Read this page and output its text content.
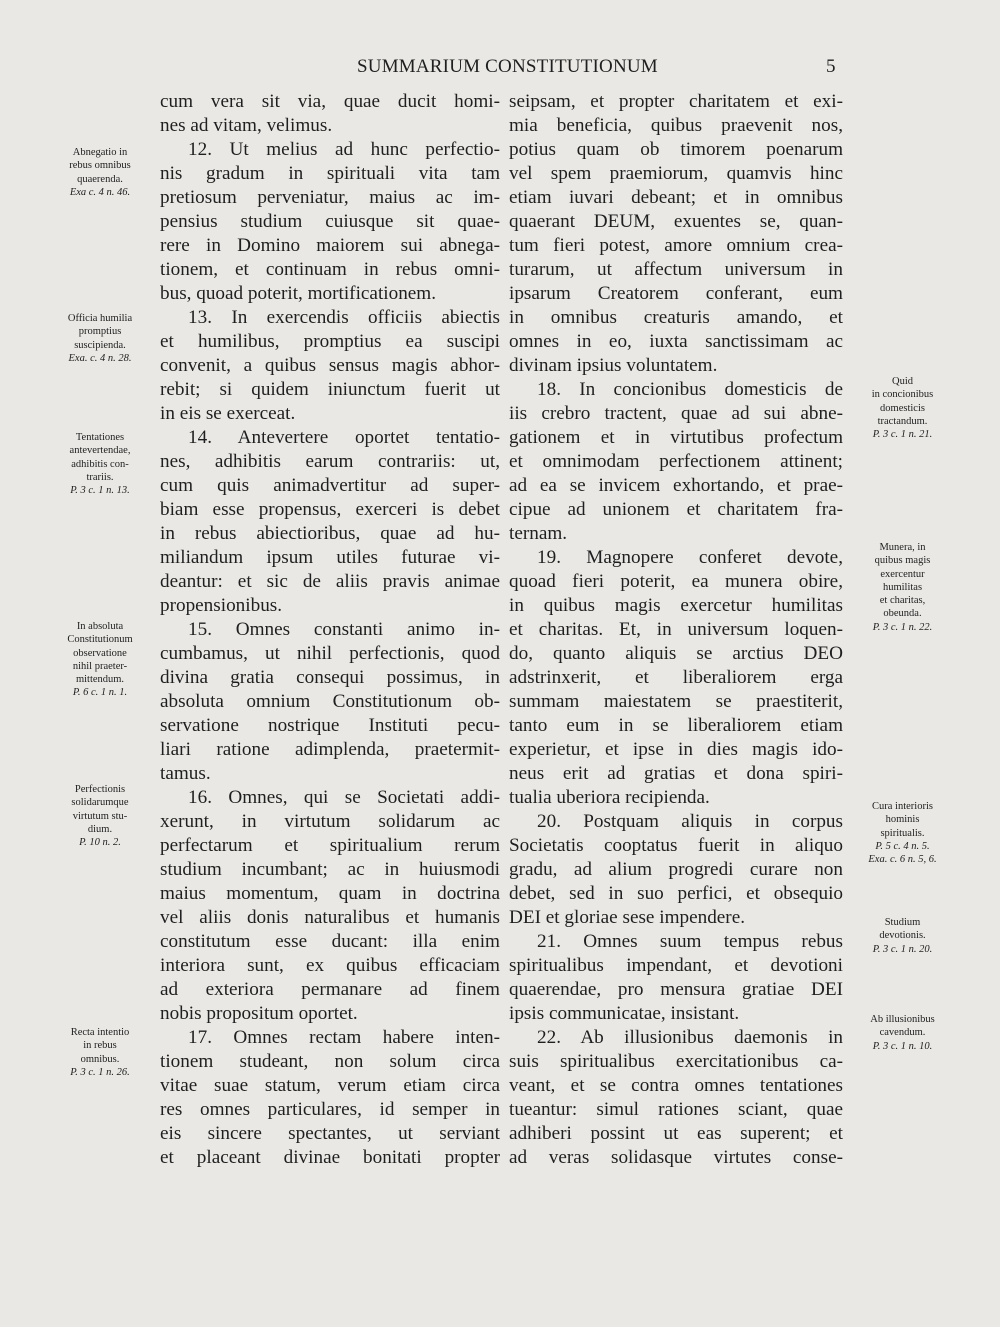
SUMMARIUM CONSTITUTIONUM	5
cum vera sit via, quae ducit homi-
nes ad vitam, velimus.
12. Ut melius ad hunc perfectio-
nis gradum in spirituali vita tam
pretiosum perveniatur, maius ac im-
pensius studium cuiusque sit quae-
rere in Domino maiorem sui abnega-
tionem, et continuam in rebus omni-
bus, quoad poterit, mortificationem.
13. In exercendis officiis abiectis
et humilibus, promptius ea suscipi
convenit, a quibus sensus magis abhor-
rebit; si quidem iniunctum fuerit ut
in eis se exerceat.
14. Antevertere oportet tentatio-
nes, adhibitis earum contrariis: ut,
cum quis animadvertitur ad super-
biam esse propensus, exerceri is debet
in rebus abiectioribus, quae ad hu-
miliandum ipsum utiles futurae vi-
deantur: et sic de aliis pravis animae
propensionibus.
15. Omnes constanti animo in-
cumbamus, ut nihil perfectionis, quod
divina gratia consequi possimus, in
absoluta omnium Constitutionum ob-
servatione nostrique Instituti pecu-
liari ratione adimplenda, praetermit-
tamus.
16. Omnes, qui se Societati addi-
xerunt, in virtutum solidarum ac
perfectarum et spiritualium rerum
studium incumbant; ac in huiusmodi
maius momentum, quam in doctrina
vel aliis donis naturalibus et humanis
constitutum esse ducant: illa enim
interiora sunt, ex quibus efficaciam
ad exteriora permanare ad finem
nobis propositum oportet.
17. Omnes rectam habere inten-
tionem studeant, non solum circa
vitae suae statum, verum etiam circa
res omnes particulares, id semper in
eis sincere spectantes, ut serviant
et placeant divinae bonitati propter
seipsam, et propter charitatem et exi-
mia beneficia, quibus praevenit nos,
potius quam ob timorem poenarum
vel spem praemiorum, quamvis hinc
etiam iuvari debeant; et in omnibus
quaerant DEUM, exuentes se, quan-
tum fieri potest, amore omnium crea-
turarum, ut affectum universum in
ipsarum Creatorem conferant, eum
in omnibus creaturis amando, et
omnes in eo, iuxta sanctissimam ac
divinam ipsius voluntatem.
18. In concionibus domesticis de
iis crebro tractent, quae ad sui abne-
gationem et in virtutibus profectum
et omnimodam perfectionem attinent;
ad ea se invicem exhortando, et prae-
cipue ad unionem et charitatem fra-
ternam.
19. Magnopere conferet devote,
quoad fieri poterit, ea munera obire,
in quibus magis exercetur humilitas
et charitas. Et, in universum loquen-
do, quanto aliquis se arctius DEO
adstrinxerit, et liberaliorem erga
summam maiestatem se praestiterit,
tanto eum in se liberaliorem etiam
experietur, et ipse in dies magis ido-
neus erit ad gratias et dona spiri-
tualia uberiora recipienda.
20. Postquam aliquis in corpus
Societatis cooptatus fuerit in aliquo
gradu, ad alium progredi curare non
debet, sed in suo perfici, et obsequio
DEI et gloriae sese impendere.
21. Omnes suum tempus rebus
spiritualibus impendant, et devotioni
quaerendae, pro mensura gratiae DEI
ipsis communicatae, insistant.
22. Ab illusionibus daemonis in
suis spiritualibus exercitationibus ca-
veant, et se contra omnes tentationes
tueantur: simul rationes sciant, quae
adhiberi possint ut eas superent; et
ad veras solidasque virtutes conse-
Abnegatio in
rebus omnibus
quaerenda.
Exa c. 4 n. 46.
Officia humilia
promptius
suscipienda.
Exa. c. 4 n. 28.
Tentationes
antevertendae,
adhibitis con-
trariis.
P. 3 c. 1 n. 13.
In absoluta
Constitutionum
observatione
nihil praeter-
mittendum.
P. 6 c. 1 n. 1.
Perfectionis
solidarumque
virtutum stu-
dium.
P. 10 n. 2.
Recta intentio
in rebus
omnibus.
P. 3 c. 1 n. 26.
Quid
in concionibus
domesticis
tractandum.
P. 3 c. 1 n. 21.
Munera, in
quibus magis
exercentur
humilitas
et charitas,
obeunda.
P. 3 c. 1 n. 22.
Cura interioris
hominis
spiritualis.
P. 5 c. 4 n. 5.
Exa. c. 6 n. 5, 6.
Studium
devotionis.
P. 3 c. 1 n. 20.
Ab illusionibus
cavendum.
P. 3 c. 1 n. 10.
